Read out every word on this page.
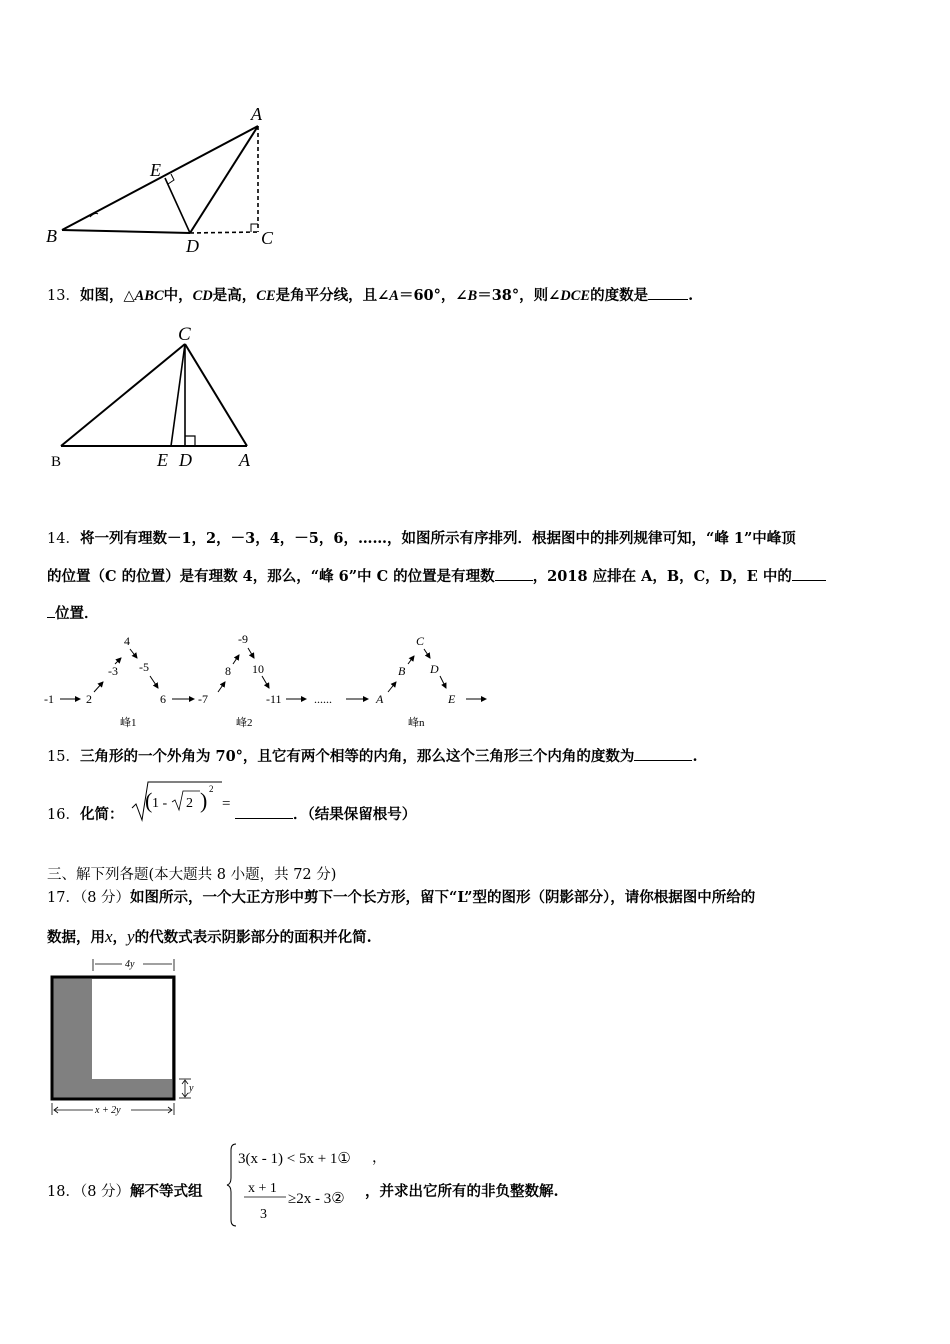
A
E
B	D	C
13．如图，△ABC中，CD是高，CE是角平分线，且∠A＝60°，∠B＝38°，则∠DCE的度数是	.
C
B	E D	A
14．将一列有理数－1，2，－3，4，－5，6，……，如图所示有序排列．根据图中的排列规律可知，“峰 1”中峰顶
的位置（C 的位置）是有理数 4，那么，“峰 6”中 C 的位置是有理数	，2018 应排在 A，B，C，D，E 中的
位置．
-1	2
-3
4
-5
6	-7
8
-9
10
-11	......	A
B
C
D
E
峰1	峰2	峰n
15．三角形的一个外角为 70°，且它有两个相等的内角，那么这个三角形三个内角的度数为	.
16．化简：
( 1 - 2 ) 2
=
．（结果保留根号）
三、解下列各题(本大题共 8 小题，共 72 分)
17．（8 分）如图所示，一个大正方形中剪下一个长方形，留下“L”型的图形（阴影部分），请你根据图中所给的
数据，用x，y的代数式表示阴影部分的面积并化简.
4y
y
x + 2y
18．（8 分）解不等式组
3(x - 1) < 5x + 1①
x + 1
3
≥2x - 3②
，
，并求出它所有的非负整数解.
